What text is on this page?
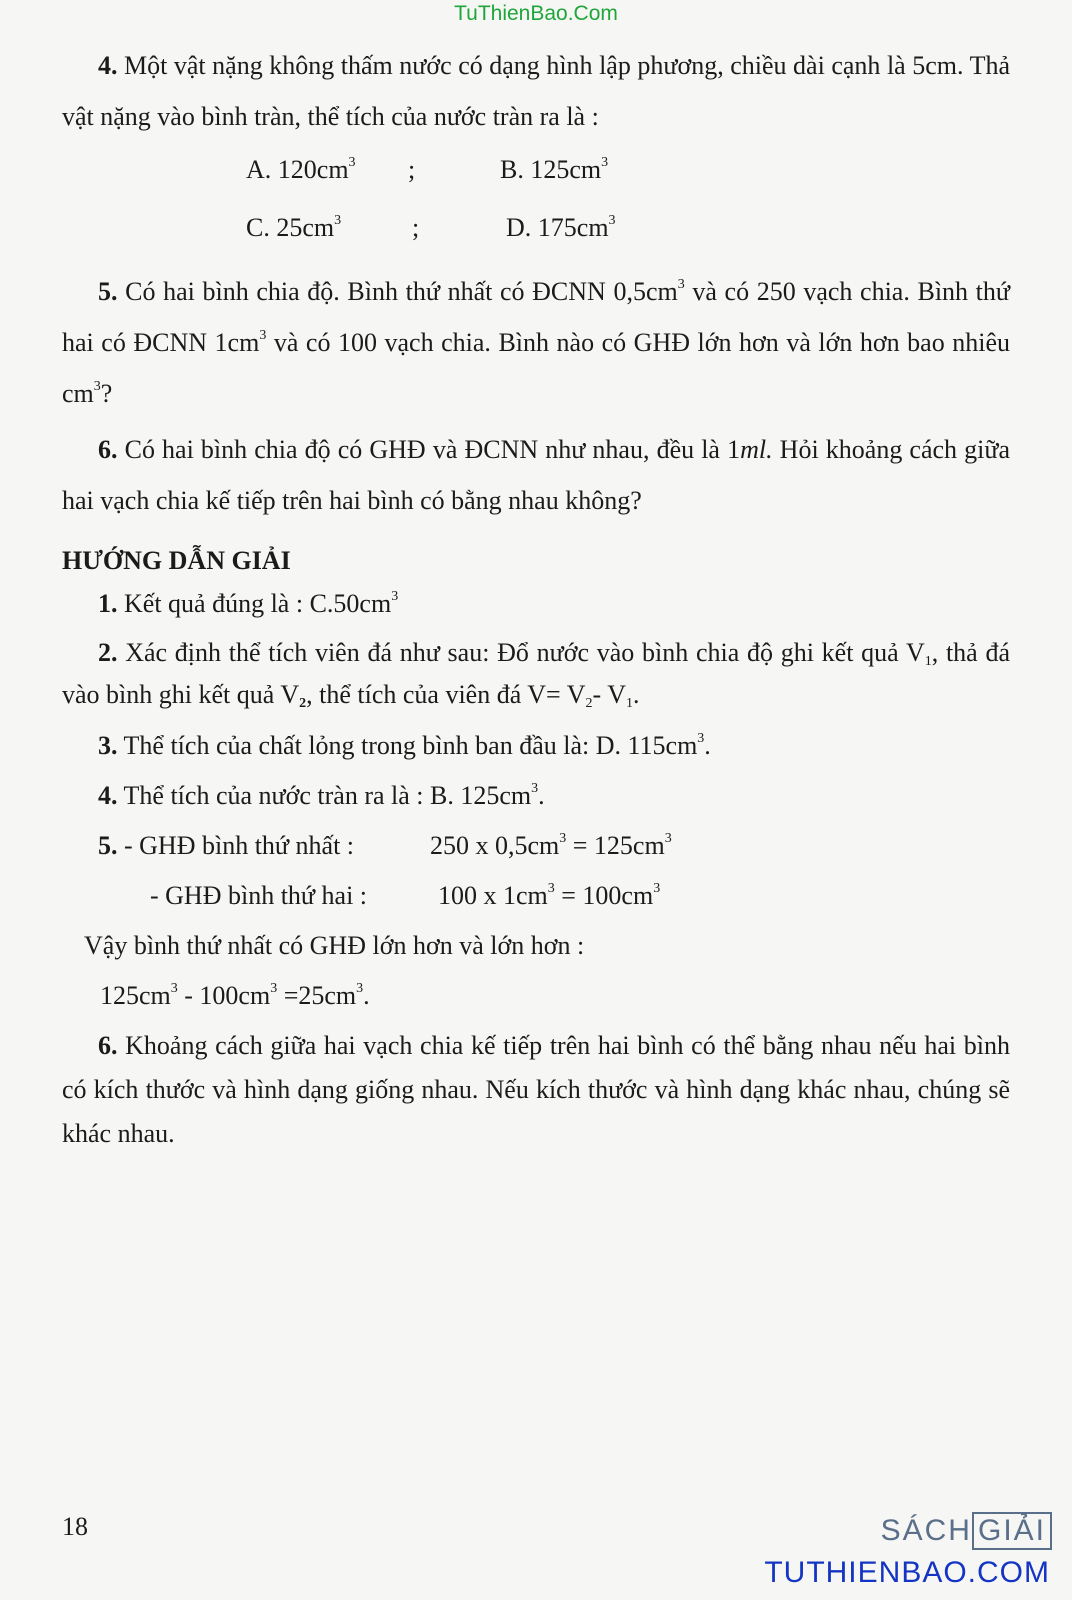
TuThienBao.Com

4. Một vật nặng không thấm nước có dạng hình lập phương, chiều dài cạnh là 5cm. Thả vật nặng vào bình tràn, thể tích của nước tràn ra là :

A. $120cm^3$ ;	B. $125cm^3$
C. $25cm^3$	;	D. $175cm^3$

5. Có hai bình chia độ. Bình thứ nhất có ĐCNN $0,5cm^3$ và có 250 vạch chia. Bình thứ hai có ĐCNN $1cm^3$ và có 100 vạch chia. Bình nào có GHĐ lớn hơn và lớn hơn bao nhiêu $cm^3$?

6. Có hai bình chia độ có GHĐ và ĐCNN như nhau, đều là 1ml. Hỏi khoảng cách giữa hai vạch chia kế tiếp trên hai bình có bằng nhau không?

HƯỚNG DẪN GIẢI
1. Kết quả đúng là : $C.50cm^3$

2. Xác định thể tích viên đá như sau: Đổ nước vào bình chia độ ghi kết quả $V_1$, thả đá vào bình ghi kết quả $V_2$, thể tích của viên đá $V= V_2-$ $V_1$.

3. Thể tích của chất lỏng trong bình ban đầu là: D. $115cm^3$.
4. Thể tích của nước tràn ra là : B. $125cm^3$.
5. - GHĐ bình thứ nhất :	250 x $0,5cm^3 = 125cm^3$
- GHĐ bình thứ hai :	100 x $1cm^3 = 100cm^3$
Vậy bình thứ nhất có GHĐ lớn hơn và lớn hơn :
$125cm^3 - 100cm^3 =25cm^3$.

6. Khoảng cách giữa hai vạch chia kế tiếp trên hai bình có thể bằng nhau nếu hai bình có kích thước và hình dạng giống nhau. Nếu kích thước và hình dạng khác nhau, chúng sẽ khác nhau.

18	SÁCH GIẢI
TUTHIENBAO.COM
